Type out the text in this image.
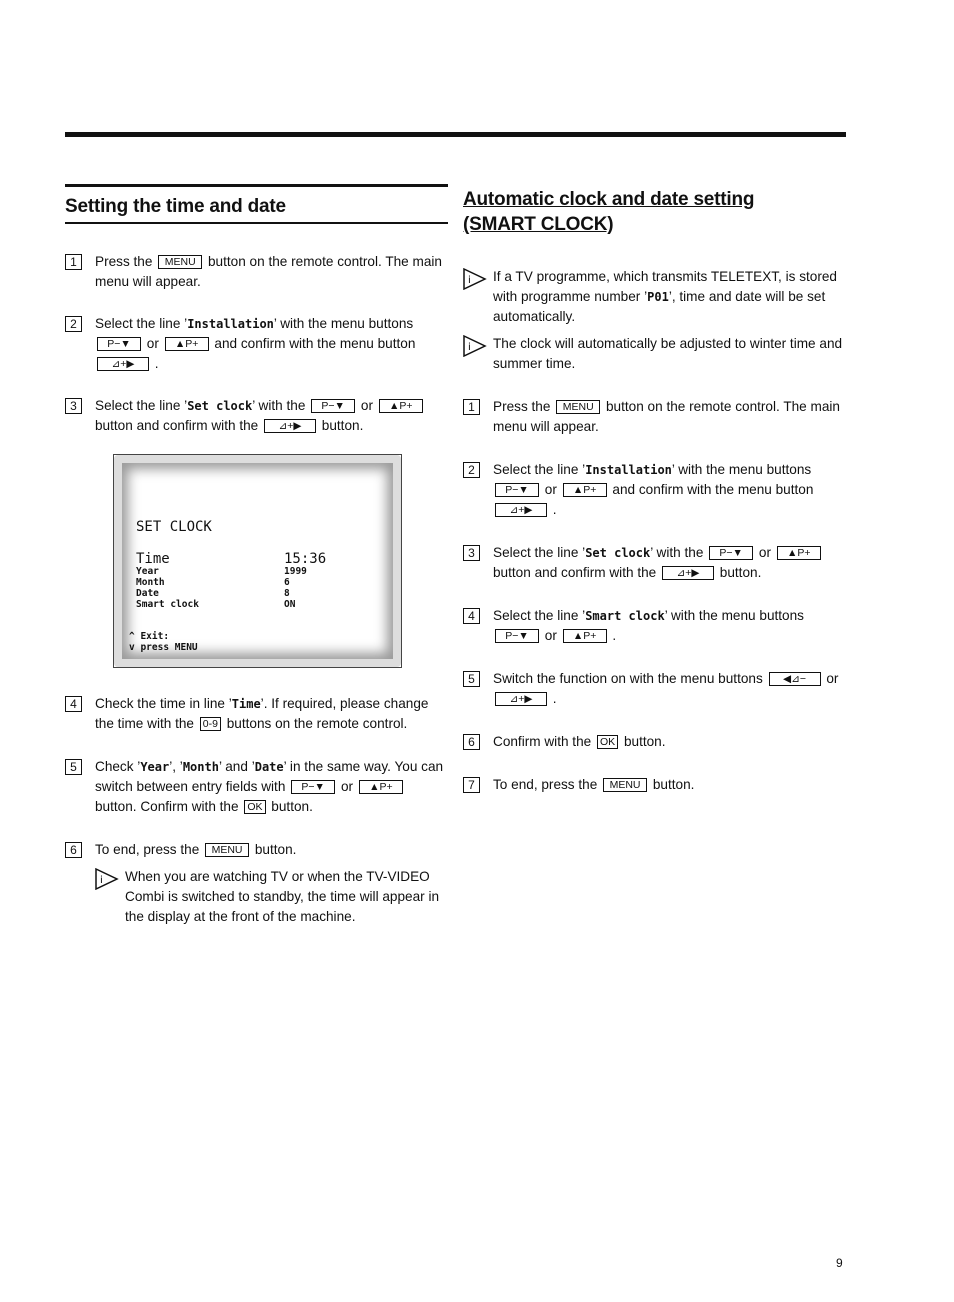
Setting the time and date
1	Press the MENU button on the remote control. The main menu will appear.
2	Select the line ’Installation’ with the menu buttons P−▼ or ▲P+ and confirm with the menu button ⊿+▶ .
3	Select the line ’Set clock’ with the P−▼ or ▲P+ button and confirm with the ⊿+▶ button.
SET CLOCK
Time	15:36
Year	1999
Month	6
Date	8
Smart clock	ON
^ Exit:
v press MENU
4	Check the time in line ’Time’. If required, please change the time with the 0-9 buttons on the remote control.
5	Check ’Year’, ’Month’ and ’Date’ in the same way. You can switch between entry fields with P−▼ or ▲P+ button. Confirm with the OK button.
6	To end, press the MENU button.
i When you are watching TV or when the TV-VIDEO Combi is switched to standby, the time will appear in the display at the front of the machine.
Automatic clock and date setting
(SMART CLOCK)
i If a TV programme, which transmits TELETEXT, is stored with programme number ’P01’, time and date will be set automatically.
i The clock will automatically be adjusted to winter time and summer time.
1	Press the MENU button on the remote control. The main menu will appear.
2	Select the line ’Installation’ with the menu buttons P−▼ or ▲P+ and confirm with the menu button ⊿+▶ .
3	Select the line ’Set clock’ with the P−▼ or ▲P+ button and confirm with the ⊿+▶ button.
4	Select the line ’Smart clock’ with the menu buttons P−▼ or ▲P+ .
5	Switch the function on with the menu buttons ◀⊿− or ⊿+▶ .
6	Confirm with the OK button.
7	To end, press the MENU button.
9
